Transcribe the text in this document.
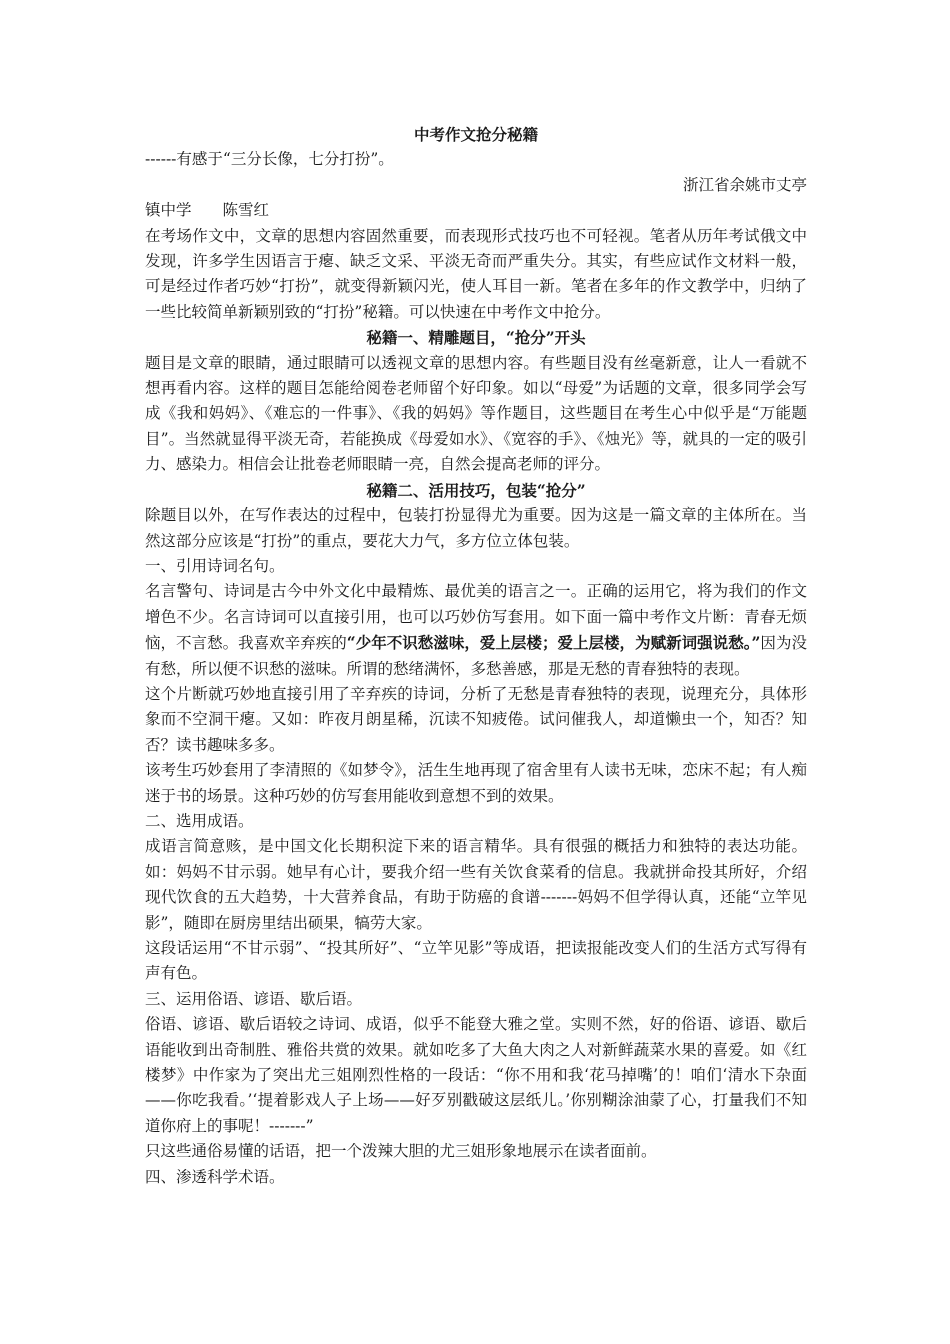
中考作文抢分秘籍

------有感于“三分长像，七分打扮”。

浙江省余姚市丈亭

镇中学　　陈雪红

在考场作文中，文章的思想内容固然重要，而表现形式技巧也不可轻视。笔者从历年考试俄文中发现，许多学生因语言于瘪、缺乏文采、平淡无奇而严重失分。其实，有些应试作文材料一般，可是经过作者巧妙“打扮”，就变得新颖闪光，使人耳目一新。笔者在多年的作文教学中，归纳了一些比较简单新颖别致的“打扮”秘籍。可以快速在中考作文中抢分。

秘籍一、精雕题目，“抢分”开头

题目是文章的眼睛，通过眼睛可以透视文章的思想内容。有些题目没有丝毫新意，让人一看就不想再看内容。这样的题目怎能给阅卷老师留个好印象。如以“母爱”为话题的文章，很多同学会写成《我和妈妈》、《难忘的一件事》、《我的妈妈》等作题目，这些题目在考生心中似乎是“万能题目”。当然就显得平淡无奇，若能换成《母爱如水》、《宽容的手》、《烛光》等，就具的一定的吸引力、感染力。相信会让批卷老师眼睛一亮，自然会提高老师的评分。

秘籍二、活用技巧，包装“抢分”

除题目以外，在写作表达的过程中，包装打扮显得尤为重要。因为这是一篇文章的主体所在。当然这部分应该是“打扮”的重点，要花大力气，多方位立体包装。

一、引用诗词名句。

名言警句、诗词是古今中外文化中最精炼、最优美的语言之一。正确的运用它，将为我们的作文增色不少。名言诗词可以直接引用，也可以巧妙仿写套用。如下面一篇中考作文片断：青春无烦恼，不言愁。我喜欢辛弃疾的“少年不识愁滋味，爱上层楼；爱上层楼，为赋新词强说愁。”因为没有愁，所以便不识愁的滋味。所谓的愁绪满怀，多愁善感，那是无愁的青春独特的表现。

这个片断就巧妙地直接引用了辛弃疾的诗词，分析了无愁是青春独特的表现，说理充分，具体形象而不空洞干瘪。又如：昨夜月朗星稀，沉读不知疲倦。试问催我人，却道懒虫一个，知否？知否？读书趣味多多。

该考生巧妙套用了李清照的《如梦令》，活生生地再现了宿舍里有人读书无味，恋床不起；有人痴迷于书的场景。这种巧妙的仿写套用能收到意想不到的效果。

二、选用成语。

成语言简意赅，是中国文化长期积淀下来的语言精华。具有很强的概括力和独特的表达功能。如：妈妈不甘示弱。她早有心计，要我介绍一些有关饮食菜肴的信息。我就拼命投其所好，介绍现代饮食的五大趋势，十大营养食品，有助于防癌的食谱-------妈妈不但学得认真，还能“立竿见影”，随即在厨房里结出硕果，犒劳大家。

这段话运用“不甘示弱”、“投其所好”、“立竿见影”等成语，把读报能改变人们的生活方式写得有声有色。

三、运用俗语、谚语、歇后语。

俗语、谚语、歇后语较之诗词、成语，似乎不能登大雅之堂。实则不然，好的俗语、谚语、歇后语能收到出奇制胜、雅俗共赏的效果。就如吃多了大鱼大肉之人对新鲜蔬菜水果的喜爱。如《红楼梦》中作家为了突出尤三姐刚烈性格的一段话：“你不用和我‘花马掉嘴’的！咱们‘清水下杂面——你吃我看。’‘提着影戏人子上场——好歹别戳破这层纸儿。’你别糊涂油蒙了心，打量我们不知道你府上的事呢！-------”

只这些通俗易懂的话语，把一个泼辣大胆的尤三姐形象地展示在读者面前。

四、渗透科学术语。
